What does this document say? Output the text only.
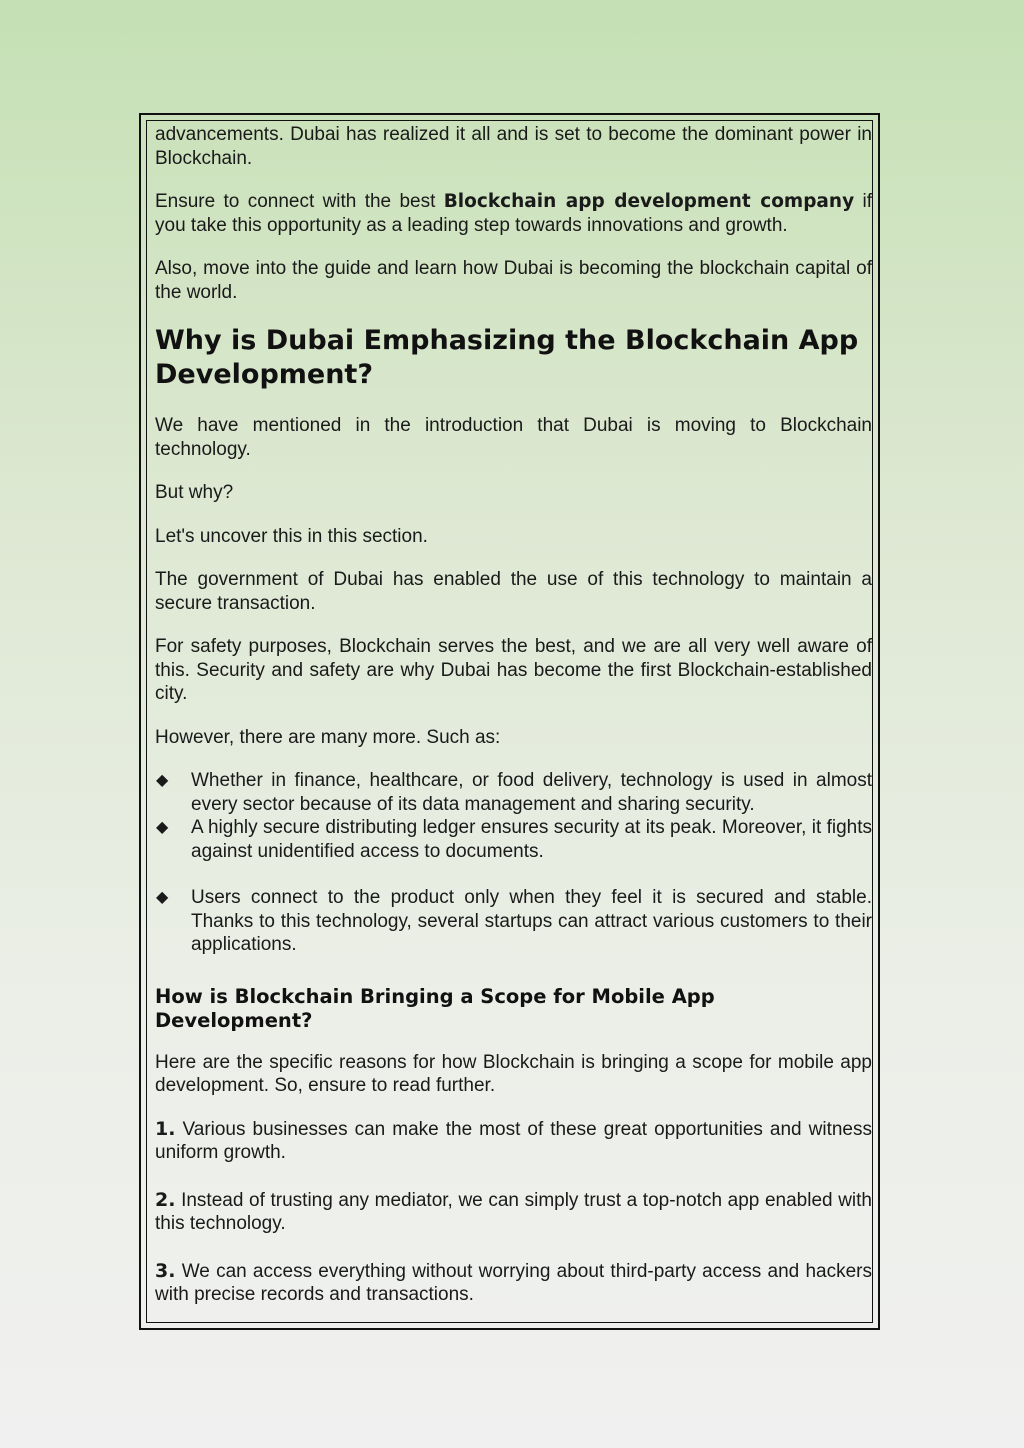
advancements. Dubai has realized it all and is set to become the dominant power in Blockchain.

Ensure to connect with the best Blockchain app development company if you take this opportunity as a leading step towards innovations and growth.

Also, move into the guide and learn how Dubai is becoming the blockchain capital of the world.

Why is Dubai Emphasizing the Blockchain App Development?

We have mentioned in the introduction that Dubai is moving to Blockchain technology.

But why?

Let's uncover this in this section.

The government of Dubai has enabled the use of this technology to maintain a secure transaction.

For safety purposes, Blockchain serves the best, and we are all very well aware of this. Security and safety are why Dubai has become the first Blockchain-established city.

However, there are many more. Such as:

◆ Whether in finance, healthcare, or food delivery, technology is used in almost every sector because of its data management and sharing security.
◆ A highly secure distributing ledger ensures security at its peak. Moreover, it fights against unidentified access to documents.
◆ Users connect to the product only when they feel it is secured and stable. Thanks to this technology, several startups can attract various customers to their applications.
How is Blockchain Bringing a Scope for Mobile App Development?

Here are the specific reasons for how Blockchain is bringing a scope for mobile app development. So, ensure to read further.

1. Various businesses can make the most of these great opportunities and witness uniform growth.

2. Instead of trusting any mediator, we can simply trust a top-notch app enabled with this technology.

3. We can access everything without worrying about third-party access and hackers with precise records and transactions.
